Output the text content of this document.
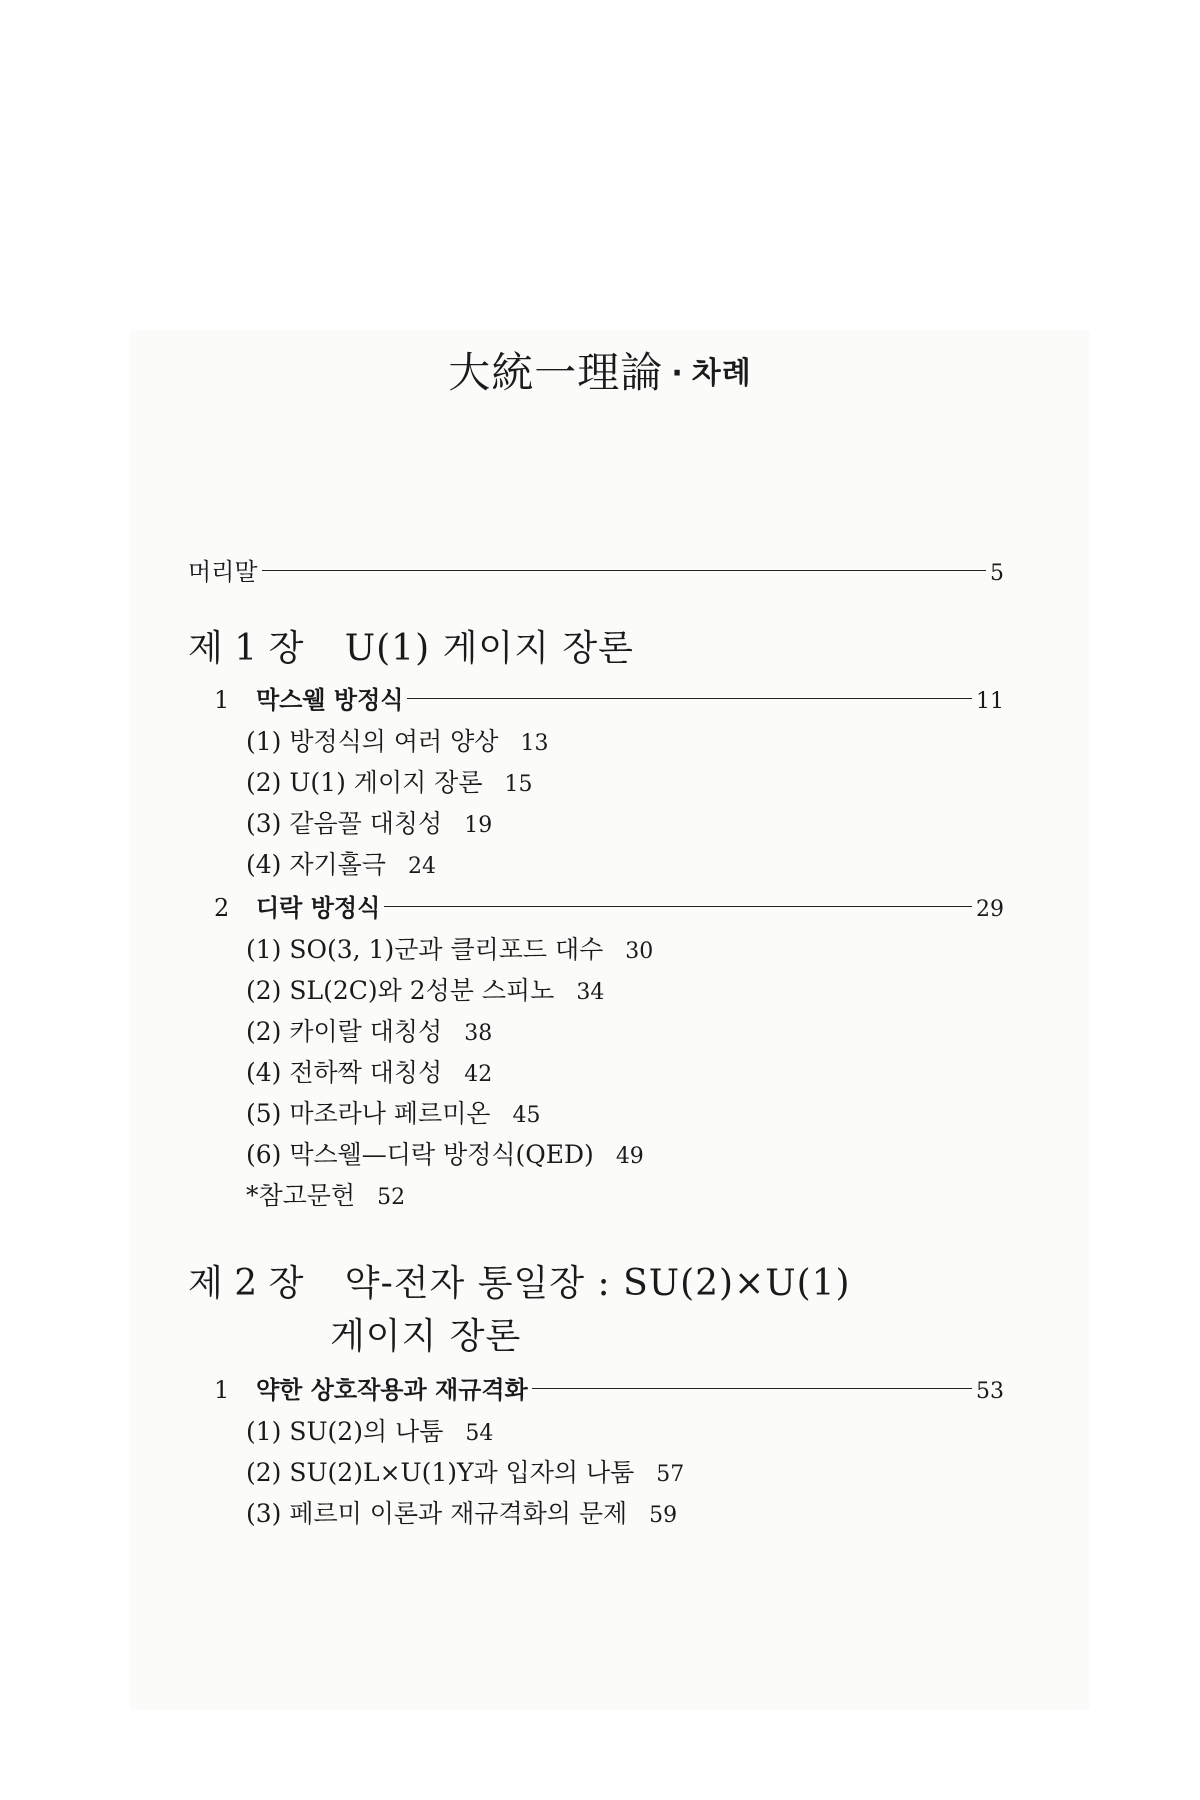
大統一理論 · 차례
머리말	5
제 1 장 U(1) 게이지 장론
1	막스웰 방정식	11
(1) 방정식의 여러 양상 13
(2) U(1) 게이지 장론 15
(3) 같음꼴 대칭성 19
(4) 자기홀극 24
2	디락 방정식	29
(1) SO(3, 1)군과 클리포드 대수 30
(2) SL(2C)와 2성분 스피노 34
(2) 카이랄 대칭성 38
(4) 전하짝 대칭성 42
(5) 마조라나 페르미온 45
(6) 막스웰—디락 방정식(QED) 49
*참고문헌 52
제 2 장 약-전자 통일장 : SU(2)×U(1)
게이지 장론
1	약한 상호작용과 재규격화	53
(1) SU(2)의 나툼 54
(2) SU(2)L×U(1)Y과 입자의 나툼 57
(3) 페르미 이론과 재규격화의 문제 59
